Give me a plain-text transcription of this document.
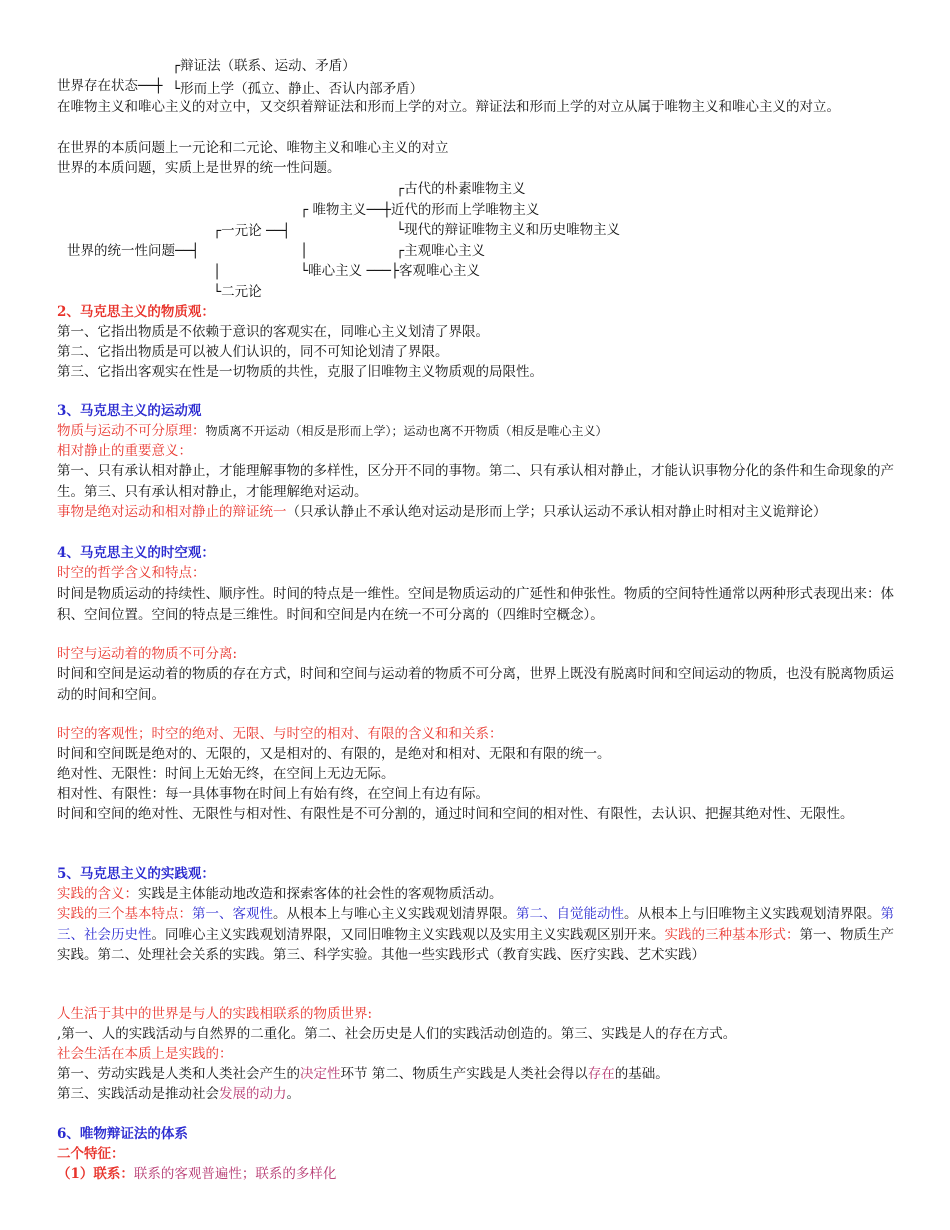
┌辩证法（联系、运动、矛盾）
世界存在状态──┼ └形而上学（孤立、静止、否认内部矛盾）
在唯物主义和唯心主义的对立中，又交织着辩证法和形而上学的对立。辩证法和形而上学的对立从属于唯物主义和唯心主义的对立。
在世界的本质问题上一元论和二元论、唯物主义和唯心主义的对立
世界的本质问题，实质上是世界的统一性问题。
┌古代的朴素唯物主义
┌ 唯物主义──┼近代的形而上学唯物主义
└现代的辩证唯物主义和历史唯物主义
┌一元论 ──┤
世界的统一性问题──┤	│	┌主观唯心主义
│	└唯心主义 ───├客观唯心主义
└二元论
2、马克思主义的物质观：
第一、它指出物质是不依赖于意识的客观实在，同唯心主义划清了界限。
第二、它指出物质是可以被人们认识的，同不可知论划清了界限。
第三、它指出客观实在性是一切物质的共性，克服了旧唯物主义物质观的局限性。
3、马克思主义的运动观
物质与运动不可分原理：物质离不开运动（相反是形而上学）；运动也离不开物质（相反是唯心主义）
相对静止的重要意义：
第一、只有承认相对静止，才能理解事物的多样性，区分开不同的事物。第二、只有承认相对静止，才能认识事物分化的条件和生命现象的产生。第三、只有承认相对静止，才能理解绝对运动。
事物是绝对运动和相对静止的辩证统一（只承认静止不承认绝对运动是形而上学；只承认运动不承认相对静止时相对主义诡辩论）
4、马克思主义的时空观：
时空的哲学含义和特点：
时间是物质运动的持续性、顺序性。时间的特点是一维性。空间是物质运动的广延性和伸张性。物质的空间特性通常以两种形式表现出来：体积、空间位置。空间的特点是三维性。时间和空间是内在统一不可分离的（四维时空概念）。
时空与运动着的物质不可分离:
时间和空间是运动着的物质的存在方式，时间和空间与运动着的物质不可分离，世界上既没有脱离时间和空间运动的物质，也没有脱离物质运动的时间和空间。
时空的客观性；时空的绝对、无限、与时空的相对、有限的含义和和关系：
时间和空间既是绝对的、无限的，又是相对的、有限的，是绝对和相对、无限和有限的统一。
绝对性、无限性：时间上无始无终，在空间上无边无际。
相对性、有限性：每一具体事物在时间上有始有终，在空间上有边有际。
时间和空间的绝对性、无限性与相对性、有限性是不可分割的，通过时间和空间的相对性、有限性，去认识、把握其绝对性、无限性。
5、马克思主义的实践观：
实践的含义：实践是主体能动地改造和探索客体的社会性的客观物质活动。
实践的三个基本特点：第一、客观性。从根本上与唯心主义实践观划清界限。第二、自觉能动性。从根本上与旧唯物主义实践观划清界限。第三、社会历史性。同唯心主义实践观划清界限，又同旧唯物主义实践观以及实用主义实践观区别开来。实践的三种基本形式：第一、物质生产实践。第二、处理社会关系的实践。第三、科学实验。其他一些实践形式（教育实践、医疗实践、艺术实践）
人生活于其中的世界是与人的实践相联系的物质世界:
,第一、人的实践活动与自然界的二重化。第二、社会历史是人们的实践活动创造的。第三、实践是人的存在方式。
社会生活在本质上是实践的：
第一、劳动实践是人类和人类社会产生的决定性环节 第二、物质生产实践是人类社会得以存在的基础。
第三、实践活动是推动社会发展的动力。
6、唯物辩证法的体系
二个特征：
（1）联系：联系的客观普遍性；联系的多样化
